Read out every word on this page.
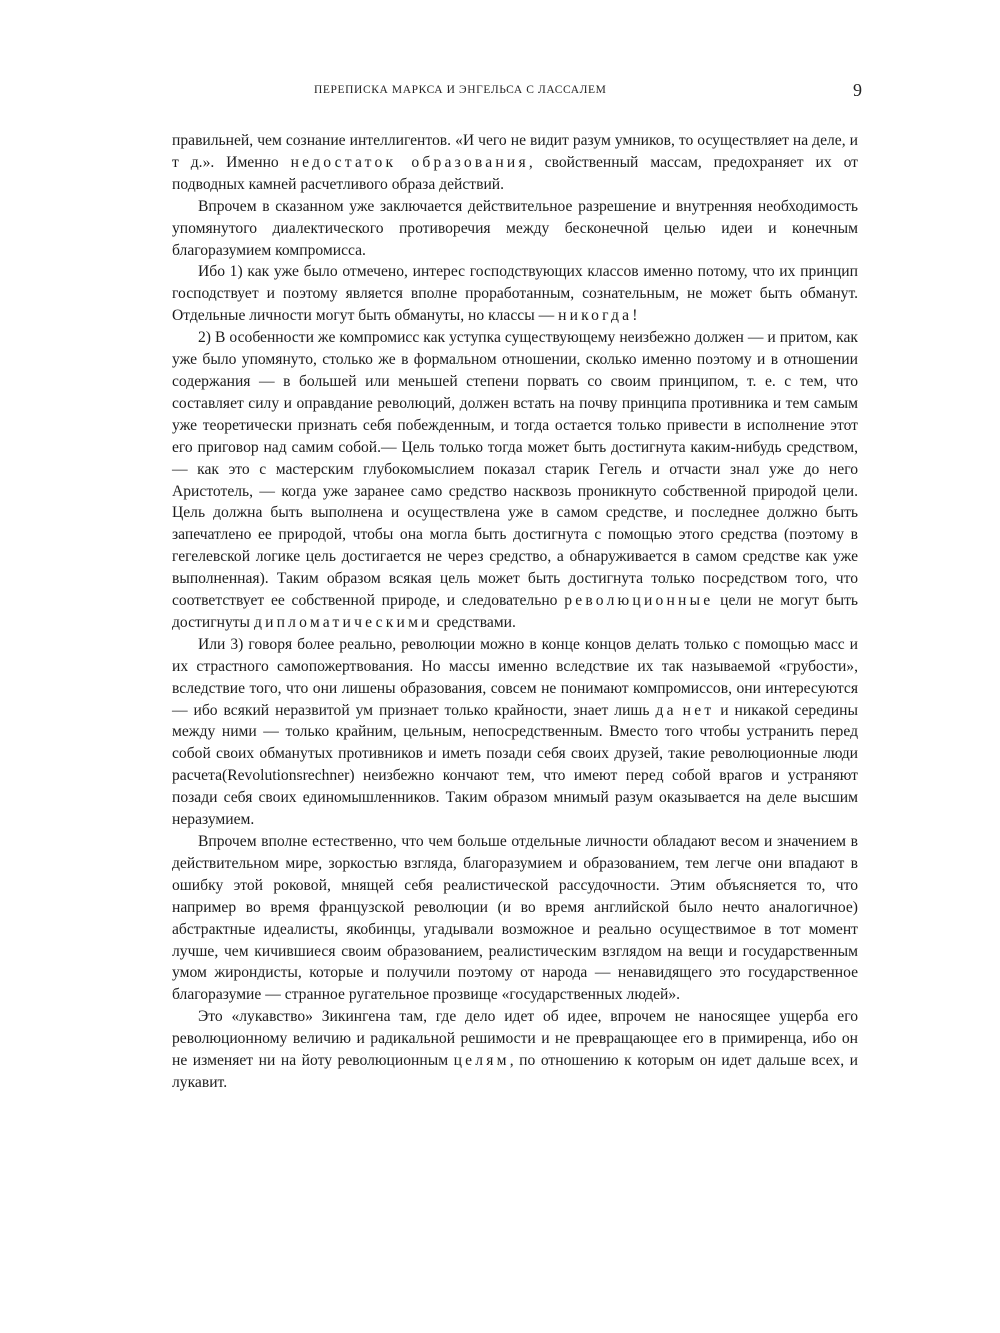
ПЕРЕПИСКА МАРКСА И ЭНГЕЛЬСА С ЛАССАЛЕМ	9

правильней, чем сознание интеллигентов. «И чего не видит разум умников, то осуществляет на деле, и т д.». Именно недостаток образования, свойственный массам, предохраняет их от подводных камней расчетливого образа действий.

Впрочем в сказанном уже заключается действительное разрешение и внутренняя необходимость упомянутого диалектического противоречия между бесконечной целью идеи и конечным благоразумием компромисса.

Ибо 1) как уже было отмечено, интерес господствующих классов именно потому, что их принцип господствует и поэтому является вполне проработанным, сознательным, не может быть обманут. Отдельные личности могут быть обмануты, но классы — никогда!

2) В особенности же компромисс как уступка существующему неизбежно должен — и притом, как уже было упомянуто, столько же в формальном отношении, сколько именно поэтому и в отношении содержания — в большей или меньшей степени порвать со своим принципом, т. е. с тем, что составляет силу и оправдание революций, должен встать на почву принципа противника и тем самым уже теоретически признать себя побежденным, и тогда остается только привести в исполнение этот его приговор над самим собой.— Цель только тогда может быть достигнута каким-нибудь средством, — как это с мастерским глубокомыслием показал старик Гегель и отчасти знал уже до него Аристотель, — когда уже заранее само средство насквозь проникнуто собственной природой цели. Цель должна быть выполнена и осуществлена уже в самом средстве, и последнее должно быть запечатлено ее природой, чтобы она могла быть достигнута с помощью этого средства (поэтому в гегелевской логике цель достигается не через средство, а обнаруживается в самом средстве как уже выполненная). Таким образом всякая цель может быть достигнута только посредством того, что соответствует ее собственной природе, и следовательно революционные цели не могут быть достигнуты дипломатическими средствами.

Или 3) говоря более реально, революции можно в конце концов делать только с помощью масс и их страстного самопожертвования. Но массы именно вследствие их так называемой «грубости», вследствие того, что они лишены образования, совсем не понимают компромиссов, они интересуются— ибо всякий неразвитой ум признает только крайности, знает лишь да нет и никакой середины между ними — только крайним, цельным, непосредственным. Вместо того чтобы устранить перед собой своих обманутых противников и иметь позади себя своих друзей, такие революционные люди расчета(Revolutionsrechner) неизбежно кончают тем, что имеют перед собой врагов и устраняют позади себя своих единомышленников. Таким образом мнимый разум оказывается на деле высшим неразумием.

Впрочем вполне естественно, что чем больше отдельные личности обладают весом и значением в действительном мире, зоркостью взгляда, благоразумием и образованием, тем легче они впадают в ошибку этой роковой, мнящей себя реалистической рассудочности. Этим объясняется то, что например во время французской революции (и во время английской было нечто аналогичное) абстрактные идеалисты, якобинцы, угадывали возможное и реально осуществимое в тот момент лучше, чем кичившиеся своим образованием, реалистическим взглядом на вещи и государственным умом жирондисты, которые и получили поэтому от народа — ненавидящего это государственное благоразумие — странное ругательное прозвище «государственных людей».

Это «лукавство» Зикингена там, где дело идет об идее, впрочем не наносящее ущерба его революционному величию и радикальной решимости и не превращающее его в примиренца, ибо он не изменяет ни на йоту революционным целям, по отношению к которым он идет дальше всех, и лукавит.
